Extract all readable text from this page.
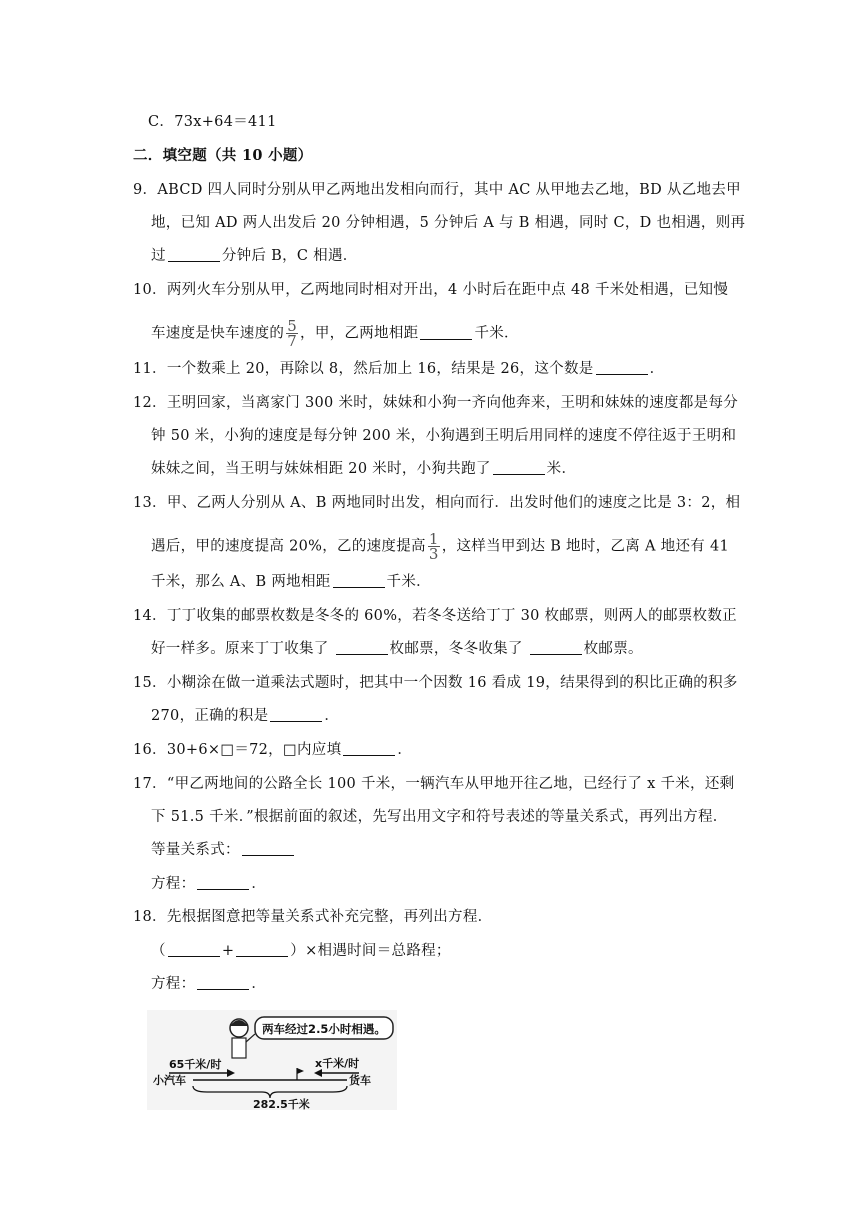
C．73x+64＝411
二．填空题（共 10 小题）
9．ABCD 四人同时分别从甲乙两地出发相向而行，其中 AC 从甲地去乙地，BD 从乙地去甲
地，已知 AD 两人出发后 20 分钟相遇，5 分钟后 A 与 B 相遇，同时 C，D 也相遇，则再
过	分钟后 B，C 相遇．
10．两列火车分别从甲，乙两地同时相对开出，4 小时后在距中点 48 千米处相遇，已知慢
车速度是快车速度的 $\frac{5}{7}$ ，甲，乙两地相距	千米．
11．一个数乘上 20，再除以 8，然后加上 16，结果是 26，这个数是	．
12．王明回家，当离家门 300 米时，妹妹和小狗一齐向他奔来，王明和妹妹的速度都是每分
钟 50 米，小狗的速度是每分钟 200 米，小狗遇到王明后用同样的速度不停往返于王明和
妹妹之间，当王明与妹妹相距 20 米时，小狗共跑了	米．
13．甲、乙两人分别从 A、B 两地同时出发，相向而行．出发时他们的速度之比是 3：2，相
遇后，甲的速度提高 20%，乙的速度提高 $\frac{1}{3}$ ，这样当甲到达 B 地时，乙离 A 地还有 41
千米，那么 A、B 两地相距	千米．
14．丁丁收集的邮票枚数是冬冬的 60%，若冬冬送给丁丁 30 枚邮票，则两人的邮票枚数正
好一样多。原来丁丁收集了	枚邮票，冬冬收集了	枚邮票。
15．小糊涂在做一道乘法式题时，把其中一个因数 16 看成 19，结果得到的积比正确的积多
270，正确的积是	．
16．30+6×□＝72，□内应填	．
17．“甲乙两地间的公路全长 100 千米，一辆汽车从甲地开往乙地，已经行了 x 千米，还剩
下 51.5 千米．”根据前面的叙述，先写出用文字和符号表述的等量关系式，再列出方程．
等量关系式：
方程：	．
18．先根据图意把等量关系式补充完整，再列出方程．
（	+	）×相遇时间＝总路程；
方程：	．
两车经过2.5小时相遇。
65千米/时
小汽车
x千米/时
货车
282.5千米
